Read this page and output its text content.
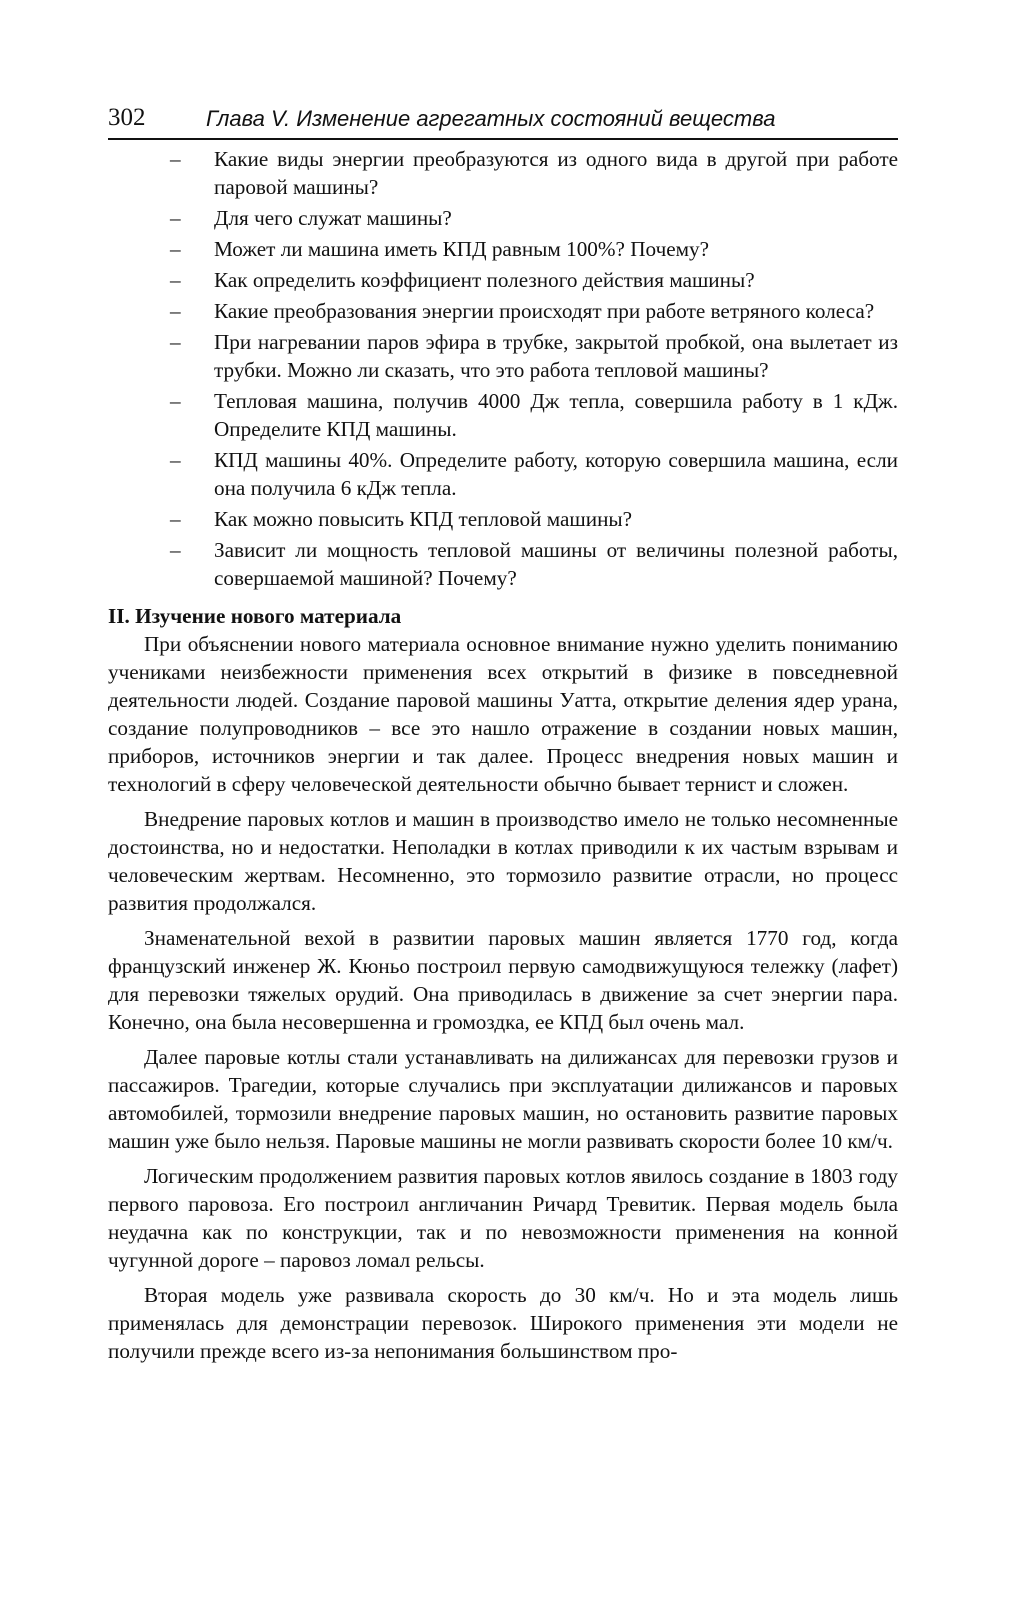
302	Глава V. Изменение агрегатных состояний вещества
– Какие виды энергии преобразуются из одного вида в другой при работе паровой машины?
– Для чего служат машины?
– Может ли машина иметь КПД равным 100%? Почему?
– Как определить коэффициент полезного действия машины?
– Какие преобразования энергии происходят при работе ветряного колеса?
– При нагревании паров эфира в трубке, закрытой пробкой, она вылетает из трубки. Можно ли сказать, что это работа тепловой машины?
– Тепловая машина, получив 4000 Дж тепла, совершила работу в 1 кДж. Определите КПД машины.
– КПД машины 40%. Определите работу, которую совершила машина, если она получила 6 кДж тепла.
– Как можно повысить КПД тепловой машины?
– Зависит ли мощность тепловой машины от величины полезной работы, совершаемой машиной? Почему?
II. Изучение нового материала

При объяснении нового материала основное внимание нужно уделить пониманию учениками неизбежности применения всех открытий в физике в повседневной деятельности людей. Создание паровой машины Уатта, открытие деления ядер урана, создание полупроводников – все это нашло отражение в создании новых машин, приборов, источников энергии и так далее. Процесс внедрения новых машин и технологий в сферу человеческой деятельности обычно бывает тернист и сложен.

Внедрение паровых котлов и машин в производство имело не только несомненные достоинства, но и недостатки. Неполадки в котлах приводили к их частым взрывам и человеческим жертвам. Несомненно, это тормозило развитие отрасли, но процесс развития продолжался.

Знаменательной вехой в развитии паровых машин является 1770 год, когда французский инженер Ж. Кюньо построил первую самодвижущуюся тележку (лафет) для перевозки тяжелых орудий. Она приводилась в движение за счет энергии пара. Конечно, она была несовершенна и громоздка, ее КПД был очень мал.

Далее паровые котлы стали устанавливать на дилижансах для перевозки грузов и пассажиров. Трагедии, которые случались при эксплуатации дилижансов и паровых автомобилей, тормозили внедрение паровых машин, но остановить развитие паровых машин уже было нельзя. Паровые машины не могли развивать скорости более 10 км/ч.

Логическим продолжением развития паровых котлов явилось создание в 1803 году первого паровоза. Его построил англичанин Ричард Тревитик. Первая модель была неудачна как по конструкции, так и по невозможности применения на конной чугунной дороге – паровоз ломал рельсы.

Вторая модель уже развивала скорость до 30 км/ч. Но и эта модель лишь применялась для демонстрации перевозок. Широкого применения эти модели не получили прежде всего из-за непонимания большинством про-
